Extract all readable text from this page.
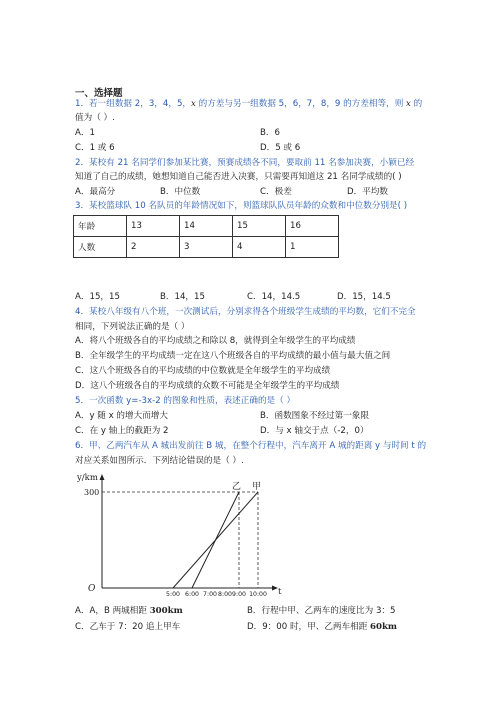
一、选择题
1．若一组数据 2，3，4，5，x 的方差与另一组数据 5，6，7，8，9 的方差相等，则 x 的
值为（ ）.
A．1	B．6
C．1 或 6	D．5 或 6
2．某校有 21 名同学们参加某比赛，预赛成绩各不同，要取前 11 名参加决赛，小颖已经
知道了自己的成绩，她想知道自己能否进入决赛，只需要再知道这 21 名同学成绩的( )
A．最高分	B．中位数	C．极差	D．平均数
3．某校篮球队 10 名队员的年龄情况如下，则篮球队队员年龄的众数和中位数分别是( )
年龄	13	14	15	16
人数	2	3	4	1
A．15，15	B．14，15	C．14，14.5	D．15，14.5
4．某校八年级有八个班，一次测试后，分别求得各个班级学生成绩的平均数，它们不完全
相同，下列说法正确的是（ ）
A．将八个班级各自的平均成绩之和除以 8，就得到全年级学生的平均成绩
B．全年级学生的平均成绩一定在这八个班级各自的平均成绩的最小值与最大值之间
C．这八个班级各自的平均成绩的中位数就是全年级学生的平均成绩
D．这八个班级各自的平均成绩的众数不可能是全年级学生的平均成绩
5．一次函数 y=-3x-2 的图象和性质，表述正确的是（ ）
A．y 随 x 的增大而增大	B．函数图象不经过第一象限
C．在 y 轴上的截距为 2	D．与 x 轴交于点（-2，0）
6．甲、乙两汽车从 A 城出发前往 B 城，在整个行程中，汽车离开 A 城的距离 y 与时间 t 的
对应关系如图所示．下列结论错误的是（ ）.
y/km
300
O	t
乙 甲
5:00 6:00 7:00 8:00 9:00 10:00
A．A，B 两城相距 300km	B．行程中甲、乙两车的速度比为 3：5
C．乙车于 7：20 追上甲车	D．9：00 时，甲、乙两车相距 60km
